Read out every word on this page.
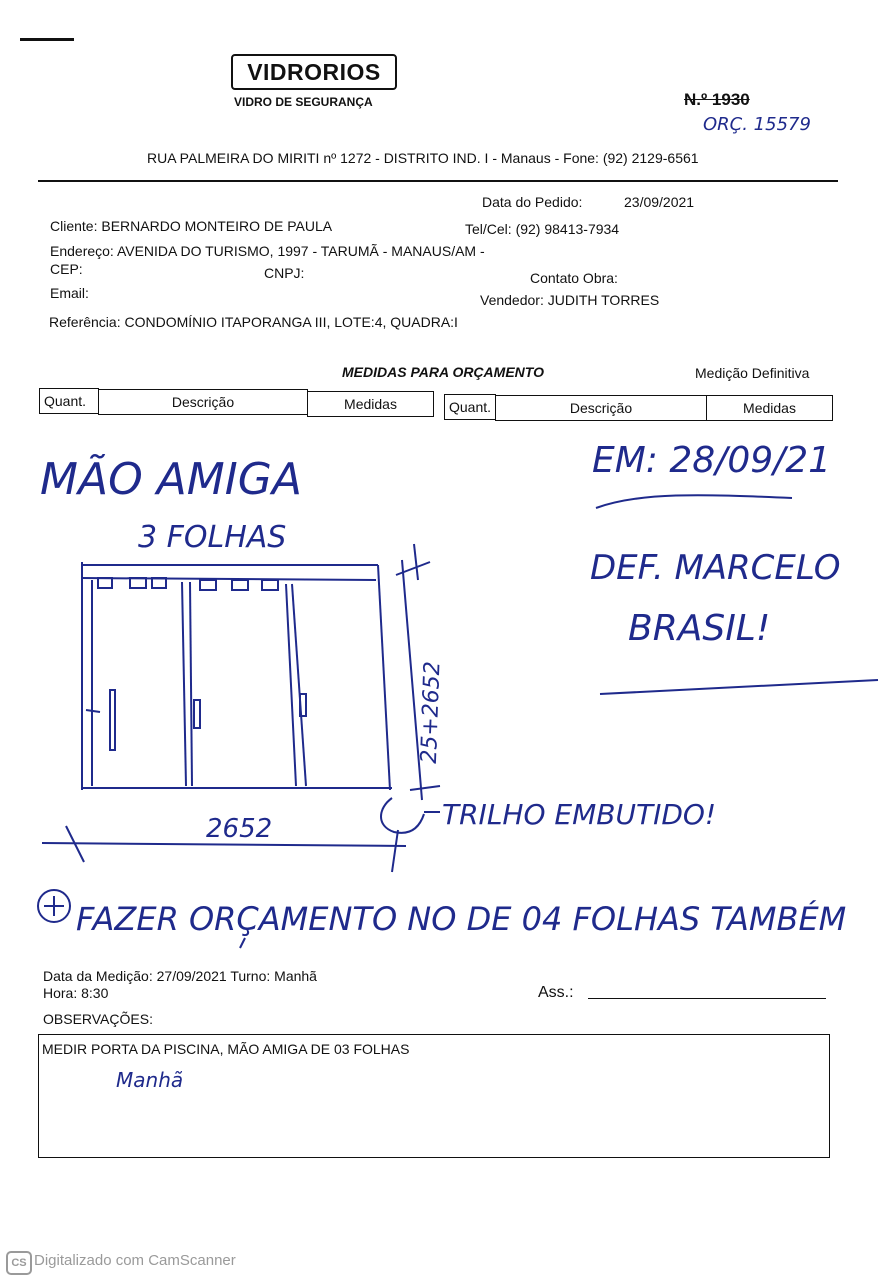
VIDRORIOS
VIDRO DE SEGURANÇA	N.º 1930
ORÇ. 15579
RUA PALMEIRA DO MIRITI nº 1272 - DISTRITO IND. I - Manaus - Fone: (92) 2129-6561
Data do Pedido:	23/09/2021
Cliente: BERNARDO MONTEIRO DE PAULA	Tel/Cel: (92) 98413-7934
Endereço: AVENIDA DO TURISMO, 1997 - TARUMÃ - MANAUS/AM -
CEP:	CNPJ:	Contato Obra:
Email:	Vendedor: JUDITH TORRES
Referência: CONDOMÍNIO ITAPORANGA III, LOTE:4, QUADRA:I
MEDIDAS PARA ORÇAMENTO	Medição Definitiva
Quant.	Descrição	Medidas	Quant.	Descrição	Medidas
MÃO AMIGA
3 FOLHAS
EM: 28/09/21
DEF. MARCELO
BRASIL!
25+2652
2652	TRILHO EMBUTIDO!
FAZER ORÇAMENTO NO DE 04 FOLHAS TAMBÉM
Data da Medição: 27/09/2021 Turno: Manhã
Hora: 8:30	Ass.:
OBSERVAÇÕES:
MEDIR PORTA DA PISCINA, MÃO AMIGA DE 03 FOLHAS
Manhã
CS Digitalizado com CamScanner
